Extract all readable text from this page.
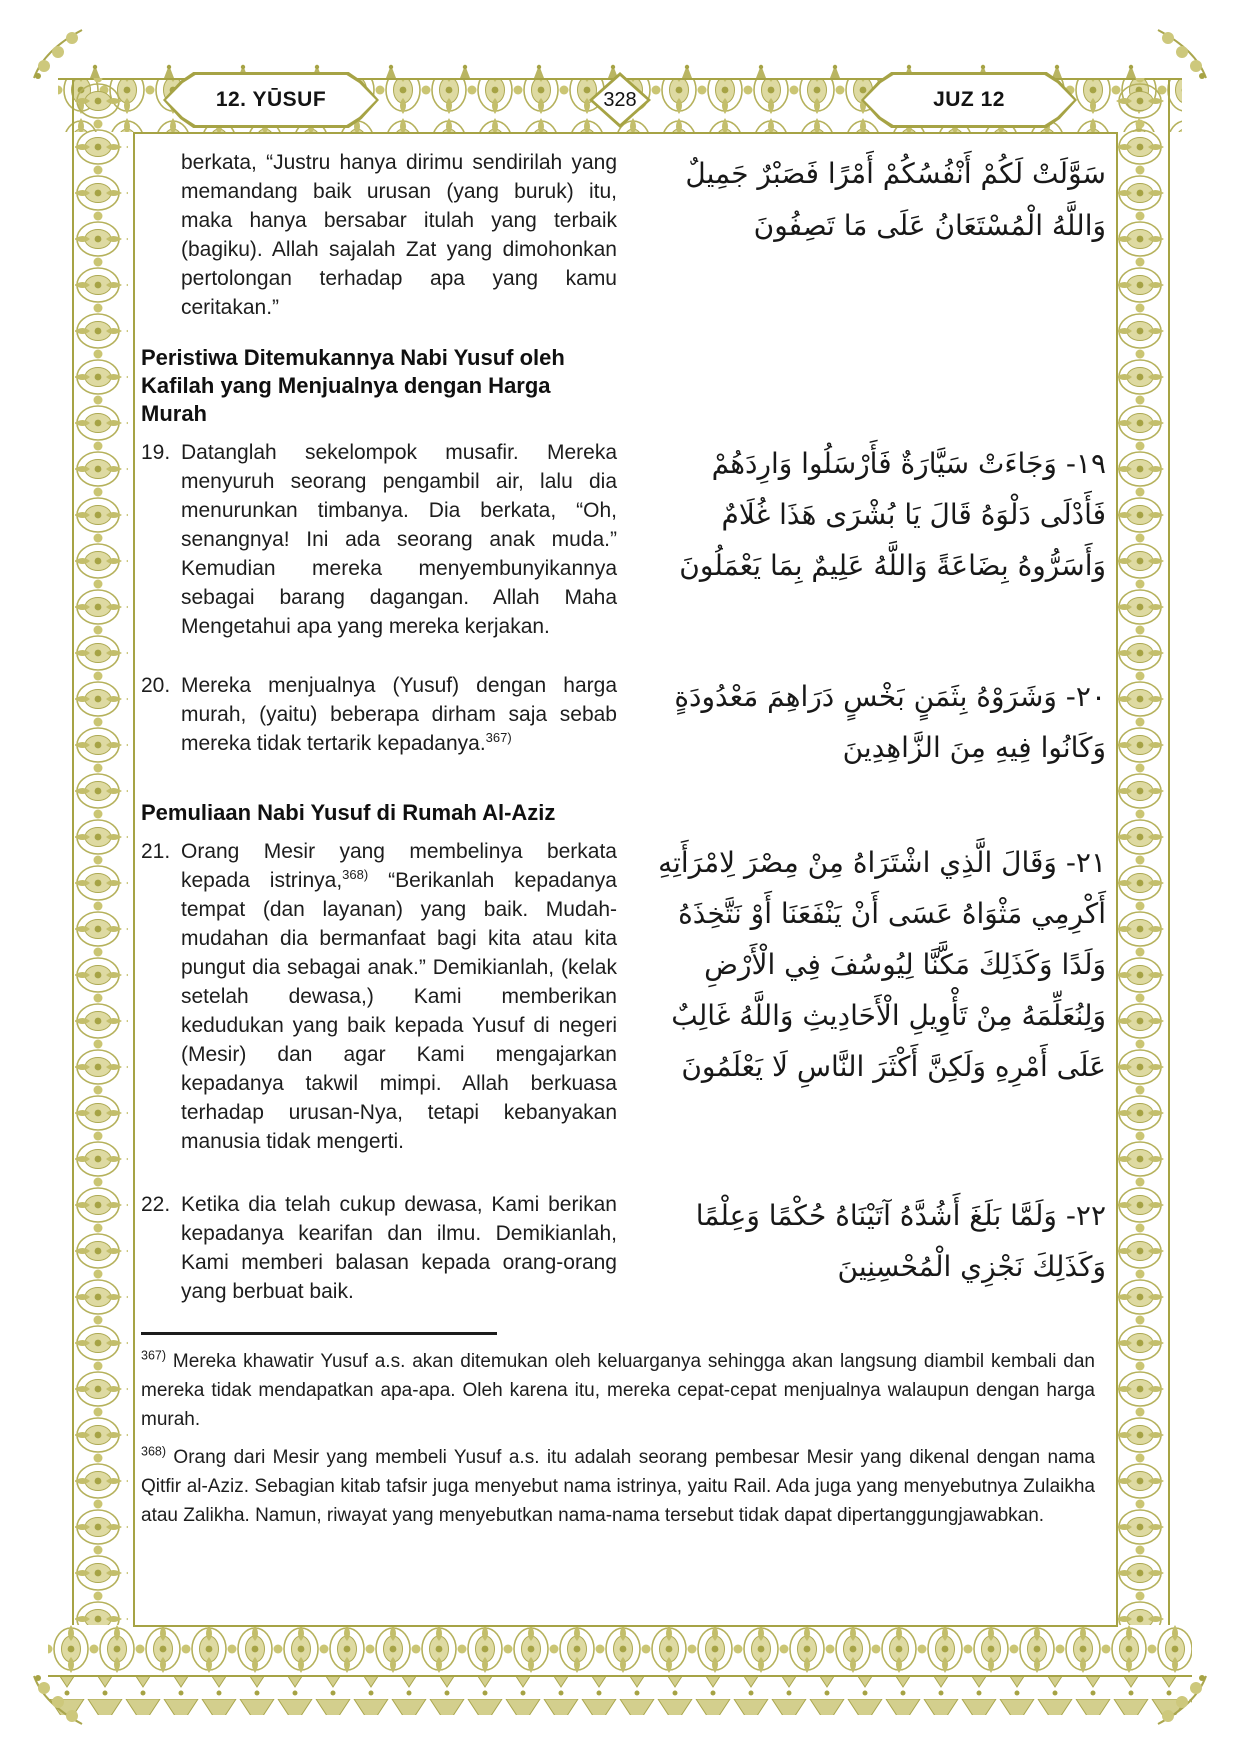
12. YŪSUF	328	JUZ 12
berkata, “Justru hanya dirimu sendirilah yang memandang baik urusan (yang buruk) itu, maka hanya bersabar itulah yang terbaik (bagiku). Allah sajalah Zat yang dimohonkan pertolongan terhadap apa yang kamu ceritakan.”
سَوَّلَتْ لَكُمْ أَنْفُسُكُمْ أَمْرًا فَصَبْرٌ جَمِيلٌ وَاللَّهُ الْمُسْتَعَانُ عَلَى مَا تَصِفُونَ
Peristiwa Ditemukannya Nabi Yusuf oleh Kafilah yang Menjualnya dengan Harga Murah
19. Datanglah sekelompok musafir. Mereka menyuruh seorang pengambil air, lalu dia menurunkan timbanya. Dia berkata, “Oh, senangnya! Ini ada seorang anak muda.” Kemudian mereka menyembunyikannya sebagai barang dagangan. Allah Maha Mengetahui apa yang mereka kerjakan.
١٩- وَجَاءَتْ سَيَّارَةٌ فَأَرْسَلُوا وَارِدَهُمْ فَأَدْلَى دَلْوَهُ قَالَ يَا بُشْرَى هَذَا غُلَامٌ وَأَسَرُّوهُ بِضَاعَةً وَاللَّهُ عَلِيمٌ بِمَا يَعْمَلُونَ
20. Mereka menjualnya (Yusuf) dengan harga murah, (yaitu) beberapa dirham saja sebab mereka tidak tertarik kepadanya.$^{367)}$
٢٠- وَشَرَوْهُ بِثَمَنٍ بَخْسٍ دَرَاهِمَ مَعْدُودَةٍ وَكَانُوا فِيهِ مِنَ الزَّاهِدِينَ
Pemuliaan Nabi Yusuf di Rumah Al-Aziz
21. Orang Mesir yang membelinya berkata kepada istrinya,$^{368)}$ “Berikanlah kepadanya tempat (dan layanan) yang baik. Mudah-mudahan dia bermanfaat bagi kita atau kita pungut dia sebagai anak.” Demikianlah, (kelak setelah dewasa,) Kami memberikan kedudukan yang baik kepada Yusuf di negeri (Mesir) dan agar Kami mengajarkan kepadanya takwil mimpi. Allah berkuasa terhadap urusan-Nya, tetapi kebanyakan manusia tidak mengerti.
٢١- وَقَالَ الَّذِي اشْتَرَاهُ مِنْ مِصْرَ لِامْرَأَتِهِ أَكْرِمِي مَثْوَاهُ عَسَى أَنْ يَنْفَعَنَا أَوْ نَتَّخِذَهُ وَلَدًا وَكَذَلِكَ مَكَّنَّا لِيُوسُفَ فِي الْأَرْضِ وَلِنُعَلِّمَهُ مِنْ تَأْوِيلِ الْأَحَادِيثِ وَاللَّهُ غَالِبٌ عَلَى أَمْرِهِ وَلَكِنَّ أَكْثَرَ النَّاسِ لَا يَعْلَمُونَ
22. Ketika dia telah cukup dewasa, Kami berikan kepadanya kearifan dan ilmu. Demikianlah, Kami memberi balasan kepada orang-orang yang berbuat baik.
٢٢- وَلَمَّا بَلَغَ أَشُدَّهُ آتَيْنَاهُ حُكْمًا وَعِلْمًا وَكَذَلِكَ نَجْزِي الْمُحْسِنِينَ
$^{367)}$ Mereka khawatir Yusuf a.s. akan ditemukan oleh keluarganya sehingga akan langsung diambil kembali dan mereka tidak mendapatkan apa-apa. Oleh karena itu, mereka cepat-cepat menjualnya walaupun dengan harga murah.
$^{368)}$ Orang dari Mesir yang membeli Yusuf a.s. itu adalah seorang pembesar Mesir yang dikenal dengan nama Qitfir al-Aziz. Sebagian kitab tafsir juga menyebut nama istrinya, yaitu Rail. Ada juga yang menyebutnya Zulaikha atau Zalikha. Namun, riwayat yang menyebutkan nama-nama tersebut tidak dapat dipertanggungjawabkan.
